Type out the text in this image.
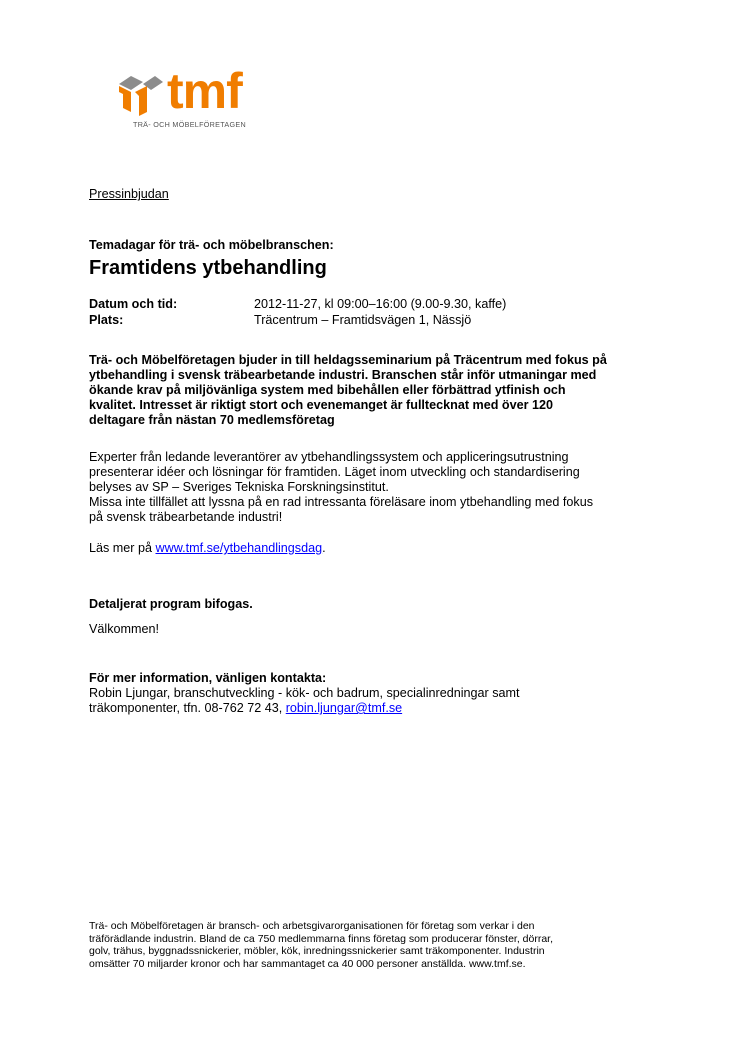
tmf
TRÄ- OCH MÖBELFÖRETAGEN
Pressinbjudan
Temadagar för trä- och möbelbranschen:
Framtidens ytbehandling
Datum och tid:	2012-11-27, kl 09:00–16:00 (9.00-9.30, kaffe)
Plats:	Träcentrum – Framtidsvägen 1, Nässjö
Trä- och Möbelföretagen bjuder in till heldagsseminarium på Träcentrum med fokus på
ytbehandling i svensk träbearbetande industri. Branschen står inför utmaningar med
ökande krav på miljövänliga system med bibehållen eller förbättrad ytfinish och
kvalitet. Intresset är riktigt stort och evenemanget är fulltecknat med över 120
deltagare från nästan 70 medlemsföretag
Experter från ledande leverantörer av ytbehandlingssystem och appliceringsutrustning
presenterar idéer och lösningar för framtiden. Läget inom utveckling och standardisering
belyses av SP – Sveriges Tekniska Forskningsinstitut.
Missa inte tillfället att lyssna på en rad intressanta föreläsare inom ytbehandling med fokus
på svensk träbearbetande industri!
Läs mer på www.tmf.se/ytbehandlingsdag.
Detaljerat program bifogas.
Välkommen!
För mer information, vänligen kontakta:
Robin Ljungar, branschutveckling - kök- och badrum, specialinredningar samt
träkomponenter, tfn. 08-762 72 43, robin.ljungar@tmf.se
Trä- och Möbelföretagen är bransch- och arbetsgivarorganisationen för företag som verkar i den
träförädlande industrin. Bland de ca 750 medlemmarna finns företag som producerar fönster, dörrar,
golv, trähus, byggnadssnickerier, möbler, kök, inredningssnickerier samt träkomponenter. Industrin
omsätter 70 miljarder kronor och har sammantaget ca 40 000 personer anställda. www.tmf.se.
